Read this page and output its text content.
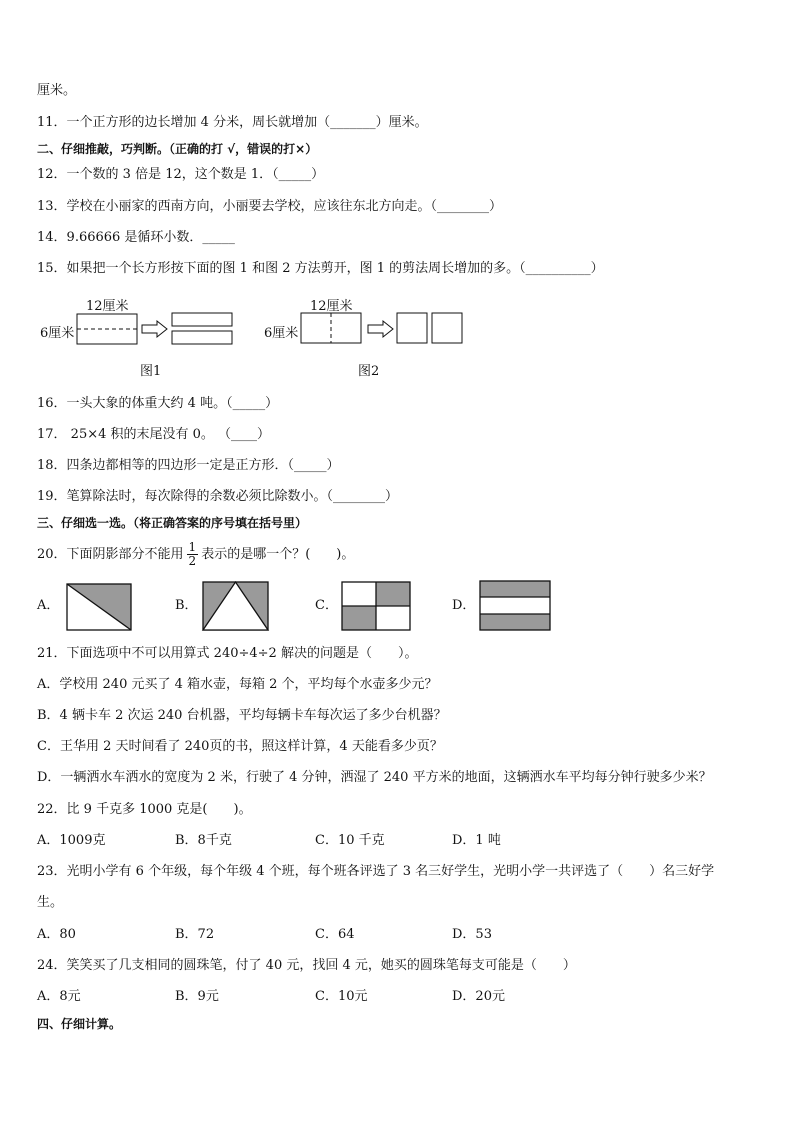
厘米。
11．一个正方形的边长增加 4 分米，周长就增加（_______）厘米。
二、仔细推敲，巧判断。（正确的打 √，错误的打×）
12．一个数的 3 倍是 12，这个数是 1．（_____）
13．学校在小丽家的西南方向，小丽要去学校，应该往东北方向走。（________）
14．9.66666 是循环小数．_____
15．如果把一个长方形按下面的图 1 和图 2 方法剪开，图 1 的剪法周长增加的多。（__________）
12厘米
6厘米
图1
12厘米
6厘米
图2
16．一头大象的体重大约 4 吨。（_____）
17． 25×4 积的末尾没有 0。 （____）
18．四条边都相等的四边形一定是正方形．（_____）
19．笔算除法时，每次除得的余数必须比除数小。（________）
三、仔细选一选。（将正确答案的序号填在括号里）
20．下面阴影部分不能用 $\frac{1}{2}$ 表示的是哪一个？(　　)。
A．	B．	C．	D．
21．下面选项中不可以用算式 240÷4÷2 解决的问题是（　　）。
A．学校用 240 元买了 4 箱水壶，每箱 2 个，平均每个水壶多少元？
B．4 辆卡车 2 次运 240 台机器，平均每辆卡车每次运了多少台机器？
C．王华用 2 天时间看了 240页的书，照这样计算，4 天能看多少页？
D．一辆洒水车洒水的宽度为 2 米，行驶了 4 分钟，洒湿了 240 平方米的地面，这辆洒水车平均每分钟行驶多少米？
22．比 9 千克多 1000 克是(　　)。
A．1009克	B．8千克	C．10 千克	D．1 吨
23．光明小学有 6 个年级，每个年级 4 个班，每个班各评选了 3 名三好学生，光明小学一共评选了（　　）名三好学
生。
A．80	B．72	C．64	D．53
24．笑笑买了几支相同的圆珠笔，付了 40 元，找回 4 元，她买的圆珠笔每支可能是（　　）
A．8元	B．9元	C．10元	D．20元
四、仔细计算。
